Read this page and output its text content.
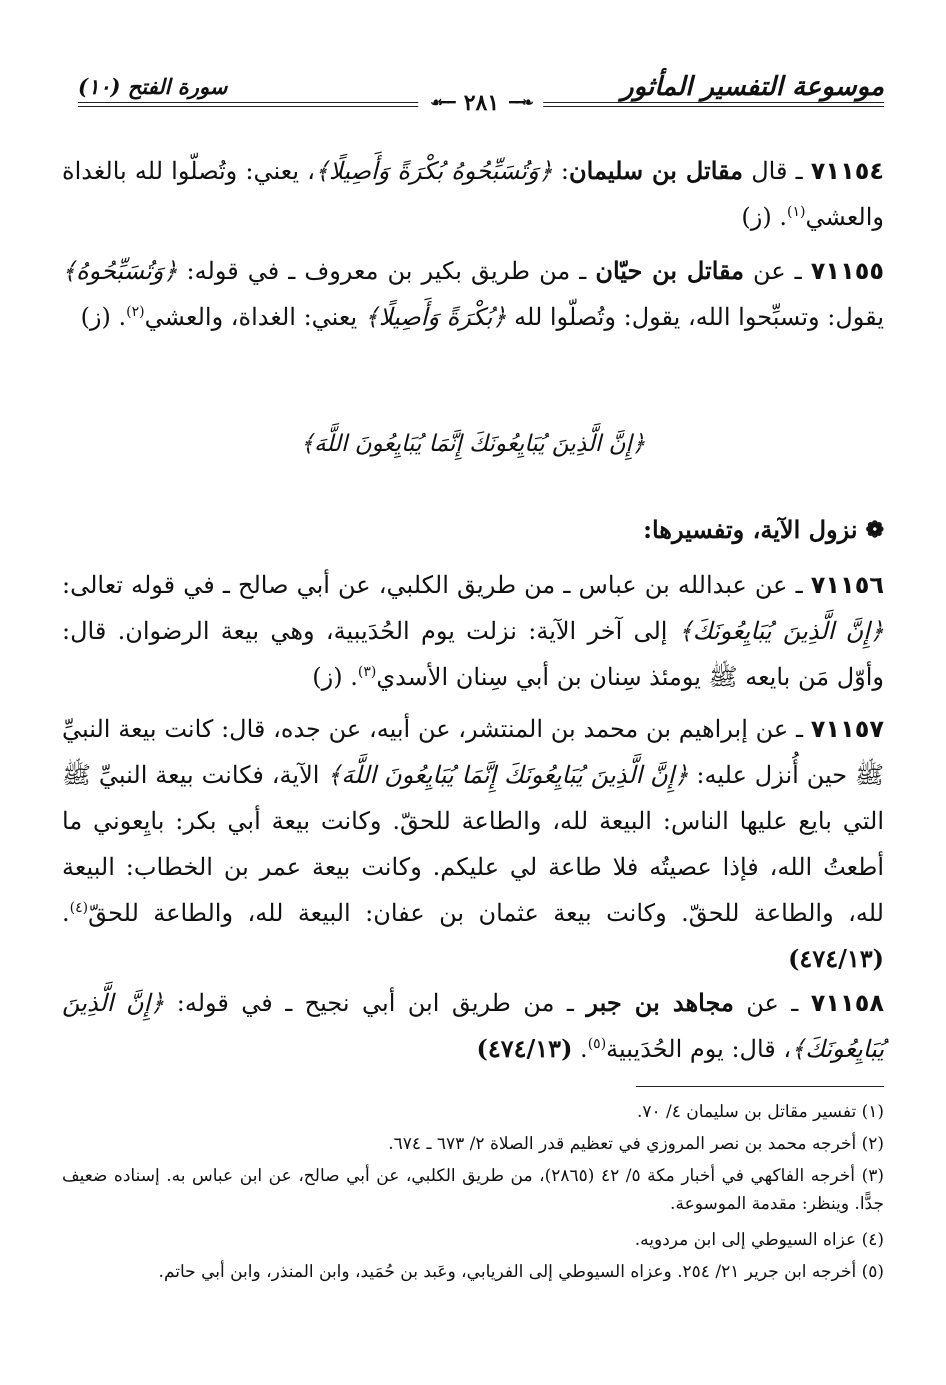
موسوعة التفسير المأثور
سورة الفتح (١٠)
❧━━
٢٨١
━━☙
٧١١٥٤ ـ قال مقاتل بن سليمان: ﴿وَتُسَبِّحُوهُ بُكْرَةً وَأَصِيلًا﴾، يعني: وتُصلّوا لله بالغداة والعشي$^{(١)}$. (ز)
٧١١٥٥ ـ عن مقاتل بن حيّان ـ من طريق بكير بن معروف ـ في قوله: ﴿وَتُسَبِّحُوهُ﴾ يقول: وتسبِّحوا الله، يقول: وتُصلّوا لله ﴿بُكْرَةً وَأَصِيلًا﴾ يعني: الغداة، والعشي$^{(٢)}$. (ز)
﴿إِنَّ الَّذِينَ يُبَايِعُونَكَ إِنَّمَا يُبَايِعُونَ اللَّهَ﴾
❁
نزول الآية، وتفسيرها:
٧١١٥٦ ـ عن عبدالله بن عباس ـ من طريق الكلبي، عن أبي صالح ـ في قوله تعالى: ﴿إِنَّ الَّذِينَ يُبَايِعُونَكَ﴾ إلى آخر الآية: نزلت يوم الحُدَيبية، وهي بيعة الرضوان. قال: وأوّل مَن بايعه ﷺ يومئذ سِنان بن أبي سِنان الأسدي$^{(٣)}$. (ز)
٧١١٥٧ ـ عن إبراهيم بن محمد بن المنتشر، عن أبيه، عن جده، قال: كانت بيعة النبيِّ ﷺ حين أُنزل عليه: ﴿إِنَّ الَّذِينَ يُبَايِعُونَكَ إِنَّمَا يُبَايِعُونَ اللَّهَ﴾ الآية، فكانت بيعة النبيِّ ﷺ التي بايع عليها الناس: البيعة لله، والطاعة للحقّ. وكانت بيعة أبي بكر: بايِعوني ما أطعتُ الله، فإذا عصيتُه فلا طاعة لي عليكم. وكانت بيعة عمر بن الخطاب: البيعة لله، والطاعة للحقّ. وكانت بيعة عثمان بن عفان: البيعة لله، والطاعة للحقّ$^{(٤)}$. (٤٧٤/١٣)
٧١١٥٨ ـ عن مجاهد بن جبر ـ من طريق ابن أبي نجيح ـ في قوله: ﴿إِنَّ الَّذِينَ يُبَايِعُونَكَ﴾، قال: يوم الحُدَيبية$^{(٥)}$. (٤٧٤/١٣)
(١) تفسير مقاتل بن سليمان ٤/ ٧٠.
(٢) أخرجه محمد بن نصر المروزي في تعظيم قدر الصلاة ٢/ ٦٧٣ ـ ٦٧٤.
(٣) أخرجه الفاكهي في أخبار مكة ٥/ ٤٢ (٢٨٦٥)، من طريق الكلبي، عن أبي صالح، عن ابن عباس به. إسناده ضعيف جدًّا. وينظر: مقدمة الموسوعة.
(٤) عزاه السيوطي إلى ابن مردويه.
(٥) أخرجه ابن جرير ٢١/ ٢٥٤. وعزاه السيوطي إلى الفريابي، وعَبد بن حُمَيد، وابن المنذر، وابن أبي حاتم.
